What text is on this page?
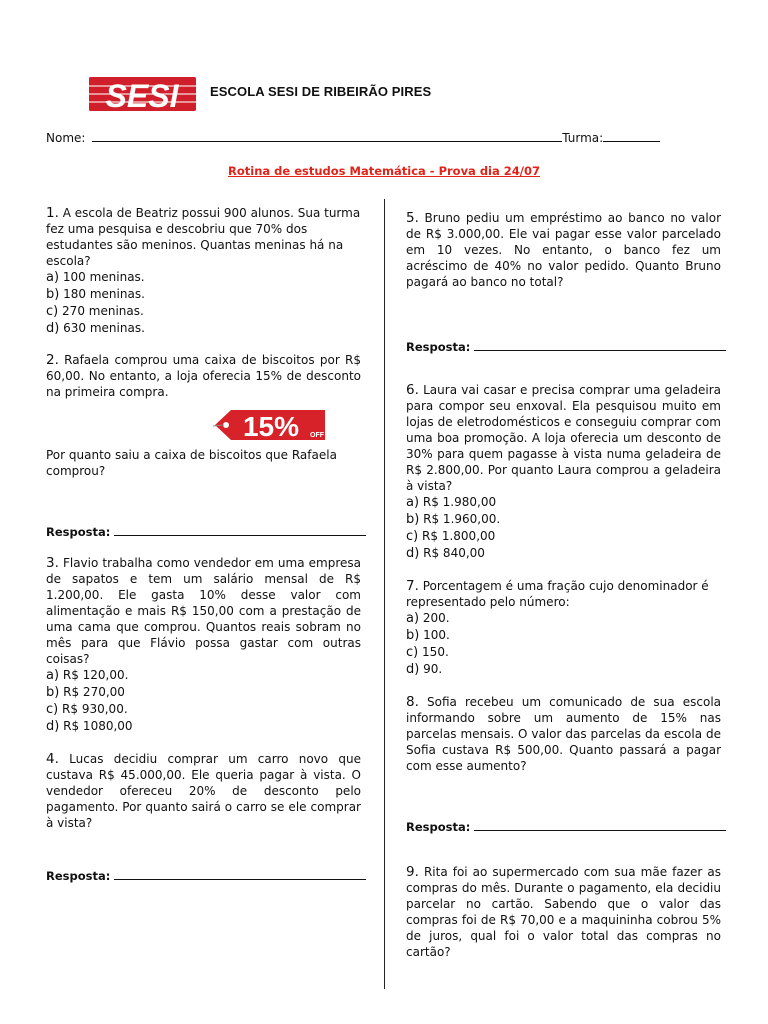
SESI ESCOLA SESI DE RIBEIRÃO PIRES
Nome:	Turma:
Rotina de estudos Matemática - Prova dia 24/07

1. A escola de Beatriz possui 900 alunos. Sua turma fez uma pesquisa e descobriu que 70% dos estudantes são meninos. Quantas meninas há na escola?

a) 100 meninas.
b) 180 meninas.
c) 270 meninas.
d) 630 meninas.

2. Rafaela comprou uma caixa de biscoitos por R$ 60,00. No entanto, a loja oferecia 15% de desconto na primeira compra.

15% OFF

Por quanto saiu a caixa de biscoitos que Rafaela comprou?

Resposta:

3. Flavio trabalha como vendedor em uma empresa de sapatos e tem um salário mensal de R$ 1.200,00. Ele gasta 10% desse valor com alimentação e mais R$ 150,00 com a prestação de uma cama que comprou. Quantos reais sobram no mês para que Flávio possa gastar com outras coisas?

a) R$ 120,00.
b) R$ 270,00
c) R$ 930,00.
d) R$ 1080,00

4. Lucas decidiu comprar um carro novo que custava R$ 45.000,00. Ele queria pagar à vista. O vendedor ofereceu 20% de desconto pelo pagamento. Por quanto sairá o carro se ele comprar à vista?

Resposta:

5. Bruno pediu um empréstimo ao banco no valor de R$ 3.000,00. Ele vai pagar esse valor parcelado em 10 vezes. No entanto, o banco fez um acréscimo de 40% no valor pedido. Quanto Bruno pagará ao banco no total?

Resposta:

6. Laura vai casar e precisa comprar uma geladeira para compor seu enxoval. Ela pesquisou muito em lojas de eletrodomésticos e conseguiu comprar com uma boa promoção. A loja oferecia um desconto de 30% para quem pagasse à vista numa geladeira de R$ 2.800,00. Por quanto Laura comprou a geladeira à vista?

a) R$ 1.980,00
b) R$ 1.960,00.
c) R$ 1.800,00
d) R$ 840,00

7. Porcentagem é uma fração cujo denominador é representado pelo número:

a) 200.
b) 100.
c) 150.
d) 90.

8. Sofia recebeu um comunicado de sua escola informando sobre um aumento de 15% nas parcelas mensais. O valor das parcelas da escola de Sofia custava R$ 500,00. Quanto passará a pagar com esse aumento?

Resposta:

9. Rita foi ao supermercado com sua mãe fazer as compras do mês. Durante o pagamento, ela decidiu parcelar no cartão. Sabendo que o valor das compras foi de R$ 70,00 e a maquininha cobrou 5% de juros, qual foi o valor total das compras no cartão?
